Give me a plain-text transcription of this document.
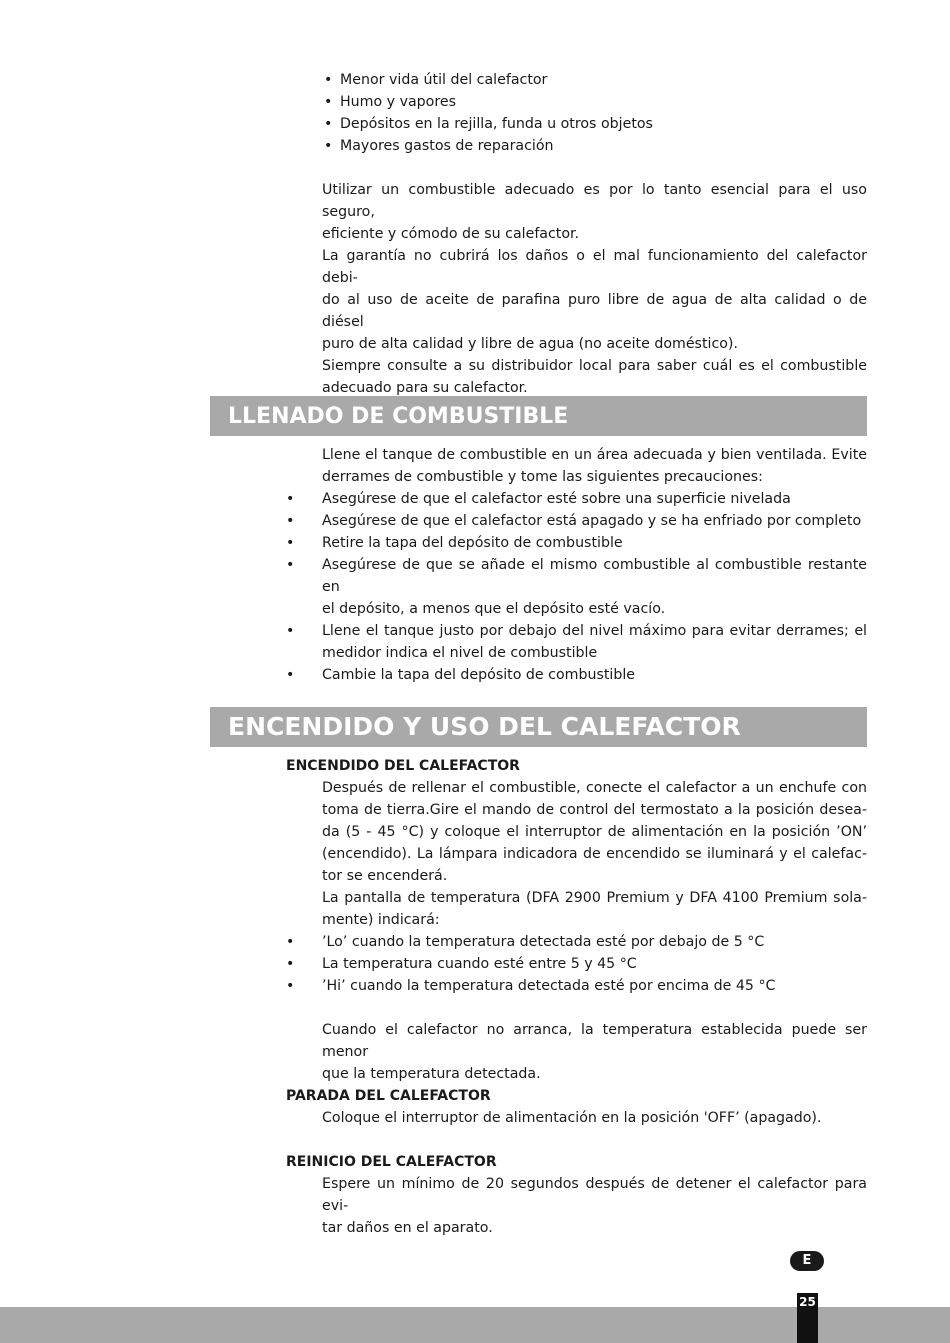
• Menor vida útil del calefactor
• Humo y vapores
• Depósitos en la rejilla, funda u otros objetos
• Mayores gastos de reparación
Utilizar un combustible adecuado es por lo tanto esencial para el uso seguro,
eficiente y cómodo de su calefactor.
La garantía no cubrirá los daños o el mal funcionamiento del calefactor debi-
do al uso de aceite de parafina puro libre de agua de alta calidad o de diésel
puro de alta calidad y libre de agua (no aceite doméstico).
Siempre consulte a su distribuidor local para saber cuál es el combustible
adecuado para su calefactor.
LLENADO DE COMBUSTIBLE
Llene el tanque de combustible en un área adecuada y bien ventilada. Evite
derrames de combustible y tome las siguientes precauciones:
• Asegúrese de que el calefactor esté sobre una superficie nivelada
• Asegúrese de que el calefactor está apagado y se ha enfriado por completo
• Retire la tapa del depósito de combustible
• Asegúrese de que se añade el mismo combustible al combustible restante en
el depósito, a menos que el depósito esté vacío.
• Llene el tanque justo por debajo del nivel máximo para evitar derrames; el
medidor indica el nivel de combustible
• Cambie la tapa del depósito de combustible
ENCENDIDO Y USO DEL CALEFACTOR
ENCENDIDO DEL CALEFACTOR
Después de rellenar el combustible, conecte el calefactor a un enchufe con
toma de tierra.Gire el mando de control del termostato a la posición desea-
da (5 - 45 °C) y coloque el interruptor de alimentación en la posición ’ON’
(encendido). La lámpara indicadora de encendido se iluminará y el calefac-
tor se encenderá.
La pantalla de temperatura (DFA 2900 Premium y DFA 4100 Premium sola-
mente) indicará:
• ’Lo’ cuando la temperatura detectada esté por debajo de 5 °C
• La temperatura cuando esté entre 5 y 45 °C
• ’Hi’ cuando la temperatura detectada esté por encima de 45 °C
Cuando el calefactor no arranca, la temperatura establecida puede ser menor
que la temperatura detectada.
PARADA DEL CALEFACTOR
Coloque el interruptor de alimentación en la posición 'OFF’ (apagado).
REINICIO DEL CALEFACTOR
Espere un mínimo de 20 segundos después de detener el calefactor para evi-
tar daños en el aparato.
E
25
